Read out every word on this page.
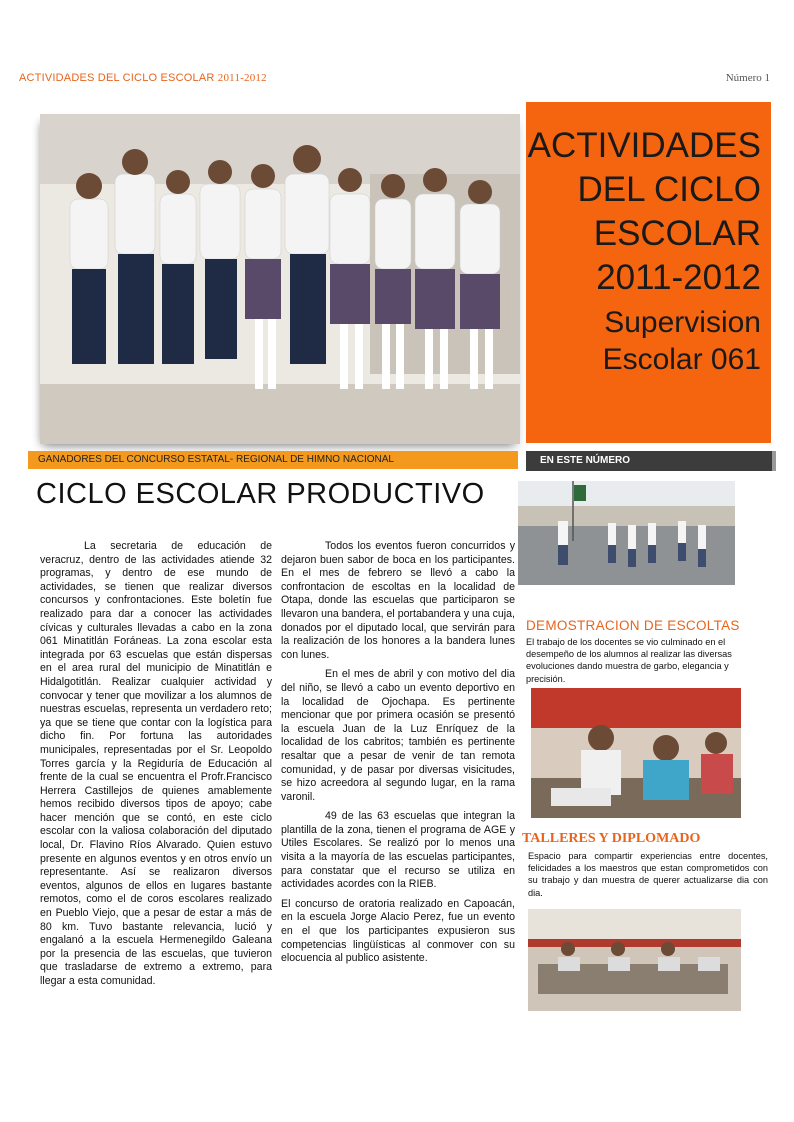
ACTIVIDADES DEL CICLO ESCOLAR 2011-2012	Número 1
ACTIVIDADES
DEL CICLO
ESCOLAR
2011-2012
Supervision
Escolar 061
GANADORES DEL CONCURSO ESTATAL- REGIONAL DE HIMNO NACIONAL	EN ESTE NÚMERO
CICLO ESCOLAR PRODUCTIVO

La secretaria de educación de veracruz, dentro de las actividades atiende 32 programas, y dentro de ese mundo de actividades, se tienen que realizar diversos concursos y confrontaciones. Este boletín fue realizado para dar a conocer las actividades cívicas y culturales llevadas a cabo en la zona 061 Minatitlán Foráneas. La zona escolar esta integrada por 63 escuelas que están dispersas en el area rural del municipio de Minatitlán e Hidalgotitlán. Realizar cualquier actividad y convocar y tener que movilizar a los alumnos de nuestras escuelas, representa un verdadero reto; ya que se tiene que contar con la logística para dicho fin. Por fortuna las autoridades municipales, representadas por el Sr. Leopoldo Torres garcía y la Regiduría de Educación al frente de la cual se encuentra el Profr.Francisco Herrera Castillejos de quienes amablemente hemos recibido diversos tipos de apoyo; cabe hacer mención que se contó, en este ciclo escolar con la valiosa colaboración del diputado local, Dr. Flavino Ríos Alvarado. Quien estuvo presente en algunos eventos y en otros envío un representante. Así se realizaron diversos eventos, algunos de ellos en lugares bastante remotos, como el de coros escolares realizado en Pueblo Viejo, que a pesar de estar a más de 80 km. Tuvo bastante relevancia, lució y engalanó a la escuela Hermenegildo Galeana por la presencia de las escuelas, que tuvieron que trasladarse de extremo a extremo, para llegar a esta comunidad.

Todos los eventos fueron concurridos y dejaron buen sabor de boca en los participantes. En el mes de febrero se llevó a cabo la confrontacion de escoltas en la localidad de Otapa, donde las escuelas que participaron se llevaron una bandera, el portabandera y una cuja, donados por el diputado local, que servirán para la realización de los honores a la bandera lunes con lunes.

En el mes de abril y con motivo del dia del niño, se llevó a cabo un evento deportivo en la localidad de Ojochapa. Es pertinente mencionar que por primera ocasión se presentó la escuela Juan de la Luz Enríquez de la localidad de los cabritos; también es pertinente resaltar que a pesar de venir de tan remota comunidad, y de pasar por diversas visicitudes, se hizo acreedora al segundo lugar, en la rama varonil.

49 de las 63 escuelas que integran la plantilla de la zona, tienen el programa de AGE y Utiles Escolares. Se realizó por lo menos una visita a la mayoría de las escuelas participantes, para constatar que el recurso se utiliza en actividades acordes con la RIEB.

El concurso de oratoria realizado en Capoacán, en la escuela Jorge Alacio Perez, fue un evento en el que los participantes expusieron sus competencias lingüísticas al conmover con su elocuencia al publico asistente.

DEMOSTRACION DE ESCOLTAS
El trabajo de los docentes se vio culminado en el desempeño de los alumnos al realizar las diversas evoluciones dando muestra de garbo, elegancia y precisión.
TALLERES Y DIPLOMADO
Espacio para compartir experiencias entre docentes, felicidades a los maestros que estan comprometidos con su trabajo y dan muestra de querer actualizarse dia con dia.
